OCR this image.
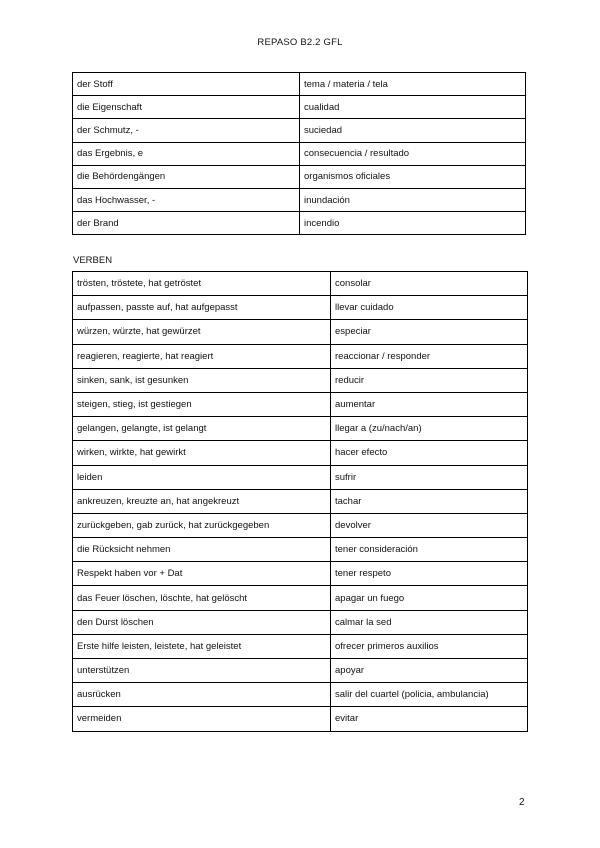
REPASO B2.2 GFL
der Stoff	tema / materia / tela
die Eigenschaft	cualidad
der Schmutz, -	suciedad
das Ergebnis, e	consecuencia / resultado
die Behördengängen	organismos oficiales
das Hochwasser, -	inundación
der Brand	incendio
VERBEN
trösten, tröstete, hat getröstet	consolar
aufpassen, passte auf, hat aufgepasst	llevar cuidado
würzen, würzte, hat gewürzet	especiar
reagieren, reagierte, hat reagiert	reaccionar / responder
sinken, sank, ist gesunken	reducir
steigen, stieg, ist gestiegen	aumentar
gelangen, gelangte, ist gelangt	llegar a (zu/nach/an)
wirken, wirkte, hat gewirkt	hacer efecto
leiden	sufrir
ankreuzen, kreuzte an, hat angekreuzt	tachar
zurückgeben, gab zurück, hat zurückgegeben	devolver
die Rücksicht nehmen	tener consideración
Respekt haben vor + Dat	tener respeto
das Feuer löschen, löschte, hat gelöscht	apagar un fuego
den Durst löschen	calmar la sed
Erste hilfe leisten, leistete, hat geleistet	ofrecer primeros auxilios
unterstützen	apoyar
ausrücken	salir del cuartel (policia, ambulancia)
vermeiden	evitar
2
